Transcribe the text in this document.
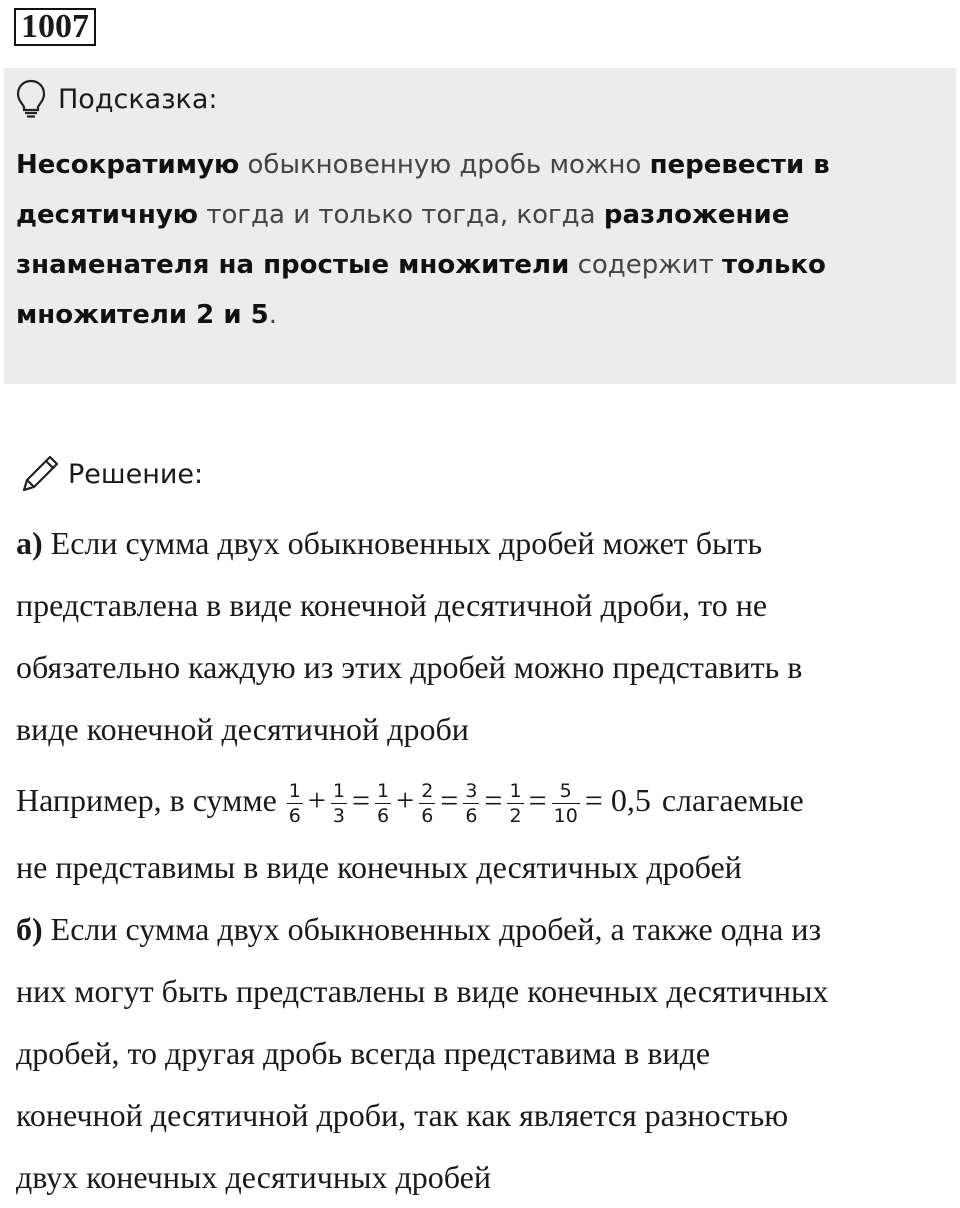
1007
Подсказка:
Несократимую обыкновенную дробь можно перевести в десятичную тогда и только тогда, когда разложение знаменателя на простые множители содержит только множители 2 и 5.
Решение:
а) Если сумма двух обыкновенных дробей может быть
представлена в виде конечной десятичной дроби, то не
обязательно каждую из этих дробей можно представить в
виде конечной десятичной дроби
Например, в сумме $\frac{1}{6} + \frac{1}{3} = \frac{1}{6} + \frac{2}{6} = \frac{3}{6} = \frac{1}{2} = \frac{5}{10} = 0,5$ слагаемые
не представимы в виде конечных десятичных дробей
б) Если сумма двух обыкновенных дробей, а также одна из
них могут быть представлены в виде конечных десятичных
дробей, то другая дробь всегда представима в виде
конечной десятичной дроби, так как является разностью
двух конечных десятичных дробей
